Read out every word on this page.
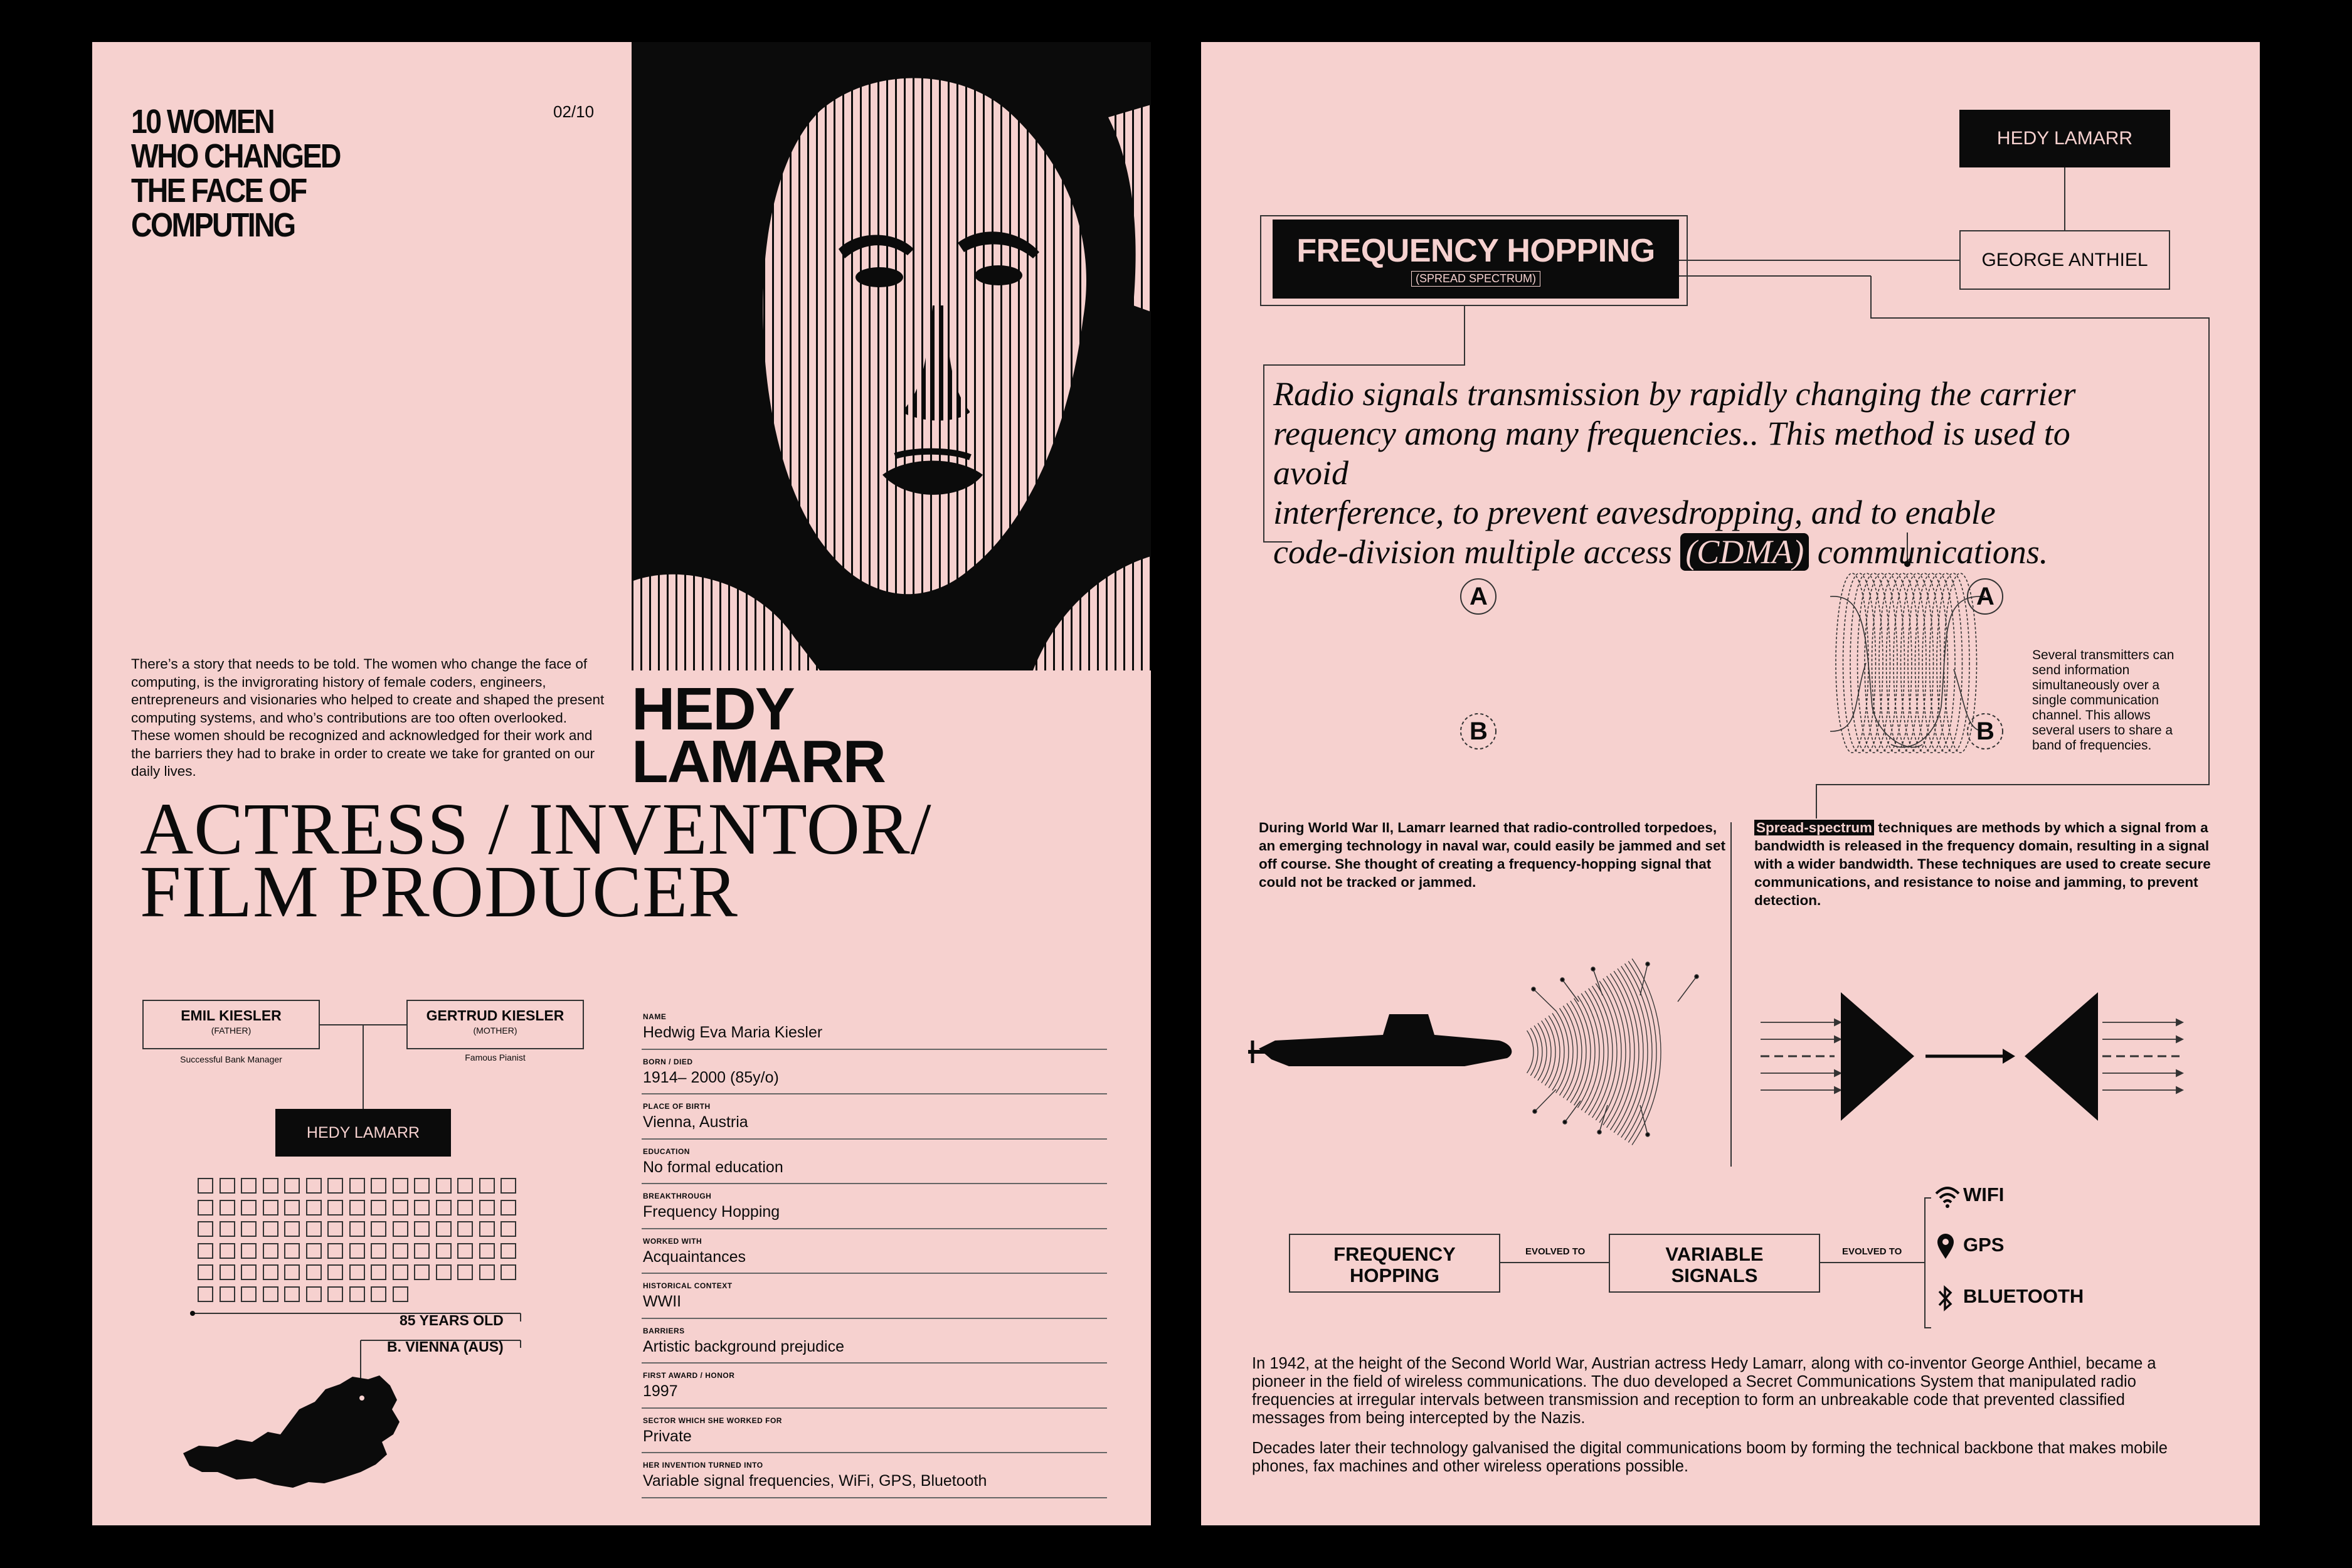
10 WOMEN
WHO CHANGED
THE FACE OF
COMPUTING
02/10
There’s a story that needs to be told. The women who change the face of computing, is the invigrorating history of female coders, engineers, entrepreneurs and visionaries who helped to create and shaped the present computing systems, and who’s contributions are too often overlooked. These women should be recognized and acknowledged for their work and the barriers they had to brake in order to create we take for granted on our daily lives.
HEDY
LAMARR
ACTRESS / INVENTOR/
FILM PRODUCER
EMIL KIESLER
(FATHER)
Successful Bank Manager
GERTRUD KIESLER
(MOTHER)
Famous Pianist
HEDY LAMARR
85 YEARS OLD
B. VIENNA (AUS)
NAME
Hedwig Eva Maria Kiesler
BORN / DIED
1914– 2000 (85y/o)
PLACE OF BIRTH
Vienna, Austria
EDUCATION
No formal education
BREAKTHROUGH
Frequency Hopping
WORKED WITH
Acquaintances
HISTORICAL CONTEXT
WWII
BARRIERS
Artistic background prejudice
FIRST AWARD / HONOR
1997
SECTOR WHICH SHE WORKED FOR
Private
HER INVENTION TURNED INTO
Variable signal frequencies, WiFi, GPS, Bluetooth
HEDY LAMARR
GEORGE ANTHIEL
FREQUENCY HOPPING
(SPREAD SPECTRUM)
Radio signals transmission by rapidly changing the carrier
requency among many frequencies.. This method is used to avoid
interference, to prevent eavesdropping, and to enable
code-division multiple access (CDMA) communications.
A
B
A
B
Several transmitters can send information simultaneously over a single communication channel. This allows several users to share a band of frequencies.
During World War II, Lamarr learned that radio-controlled torpedoes, an emerging technology in naval war, could easily be jammed and set off course. She thought of creating a frequency-hopping signal that could not be tracked or jammed.
Spread-spectrum techniques are methods by which a signal from a bandwidth is released in the frequency domain, resulting in a signal with a wider bandwidth. These techniques are used to create secure communications, and resistance to noise and jamming, to prevent detection.
FREQUENCY
HOPPING
EVOLVED TO	VARIABLE
SIGNALS
EVOLVED TO
WIFI
GPS
BLUETOOTH
In 1942, at the height of the Second World War, Austrian actress Hedy Lamarr, along with co-inventor George Anthiel, became a pioneer in the field of wireless communications. The duo developed a Secret Communications System that manipulated radio frequencies at irregular intervals between transmission and reception to form an unbreakable code that prevented classified messages from being intercepted by the Nazis.
Decades later their technology galvanised the digital communications boom by forming the technical backbone that makes mobile phones, fax machines and other wireless operations possible.
